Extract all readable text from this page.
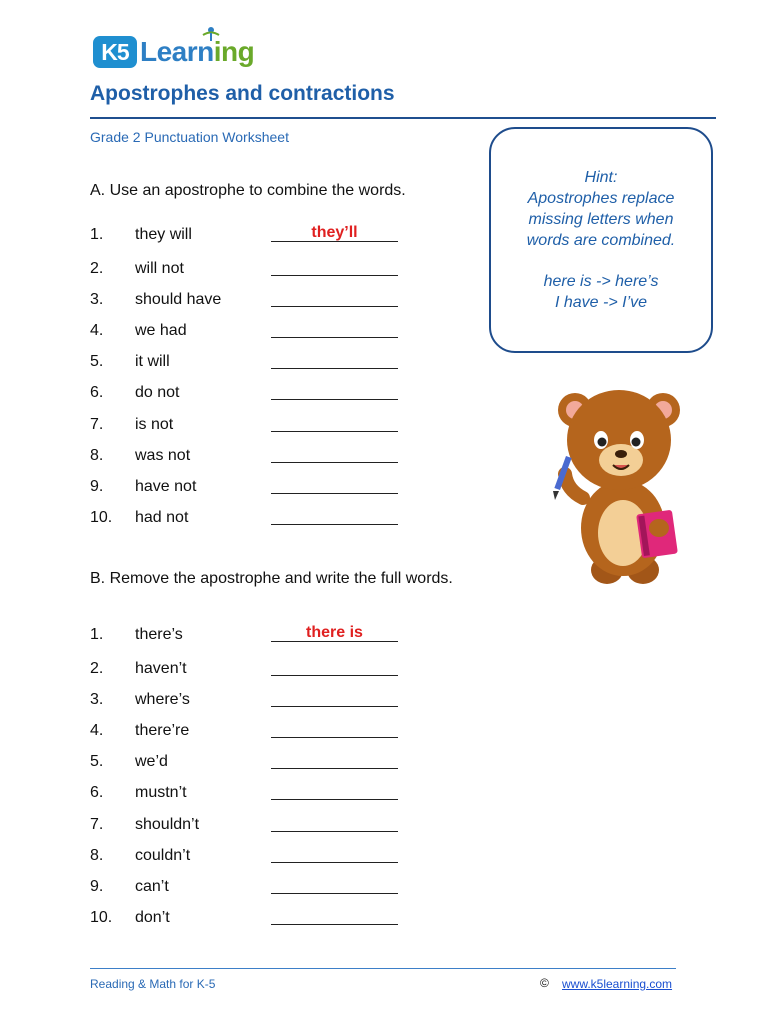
K5 Learning
Apostrophes and contractions
Grade 2 Punctuation Worksheet
A. Use an apostrophe to combine the words.
1. they will	they’ll
2. will not
3. should have
4. we had
5. it will
6. do not
7. is not
8. was not
9. have not
10. had not
B. Remove the apostrophe and write the full words.
1. there’s	there is
2. haven’t
3. where’s
4. there’re
5. we’d
6. mustn’t
7. shouldn’t
8. couldn’t
9. can’t
10. don’t
Hint:
Apostrophes replace
missing letters when
words are combined.
here is -> here’s
I have -> I’ve
Reading & Math for K-5	© www.k5learning.com
